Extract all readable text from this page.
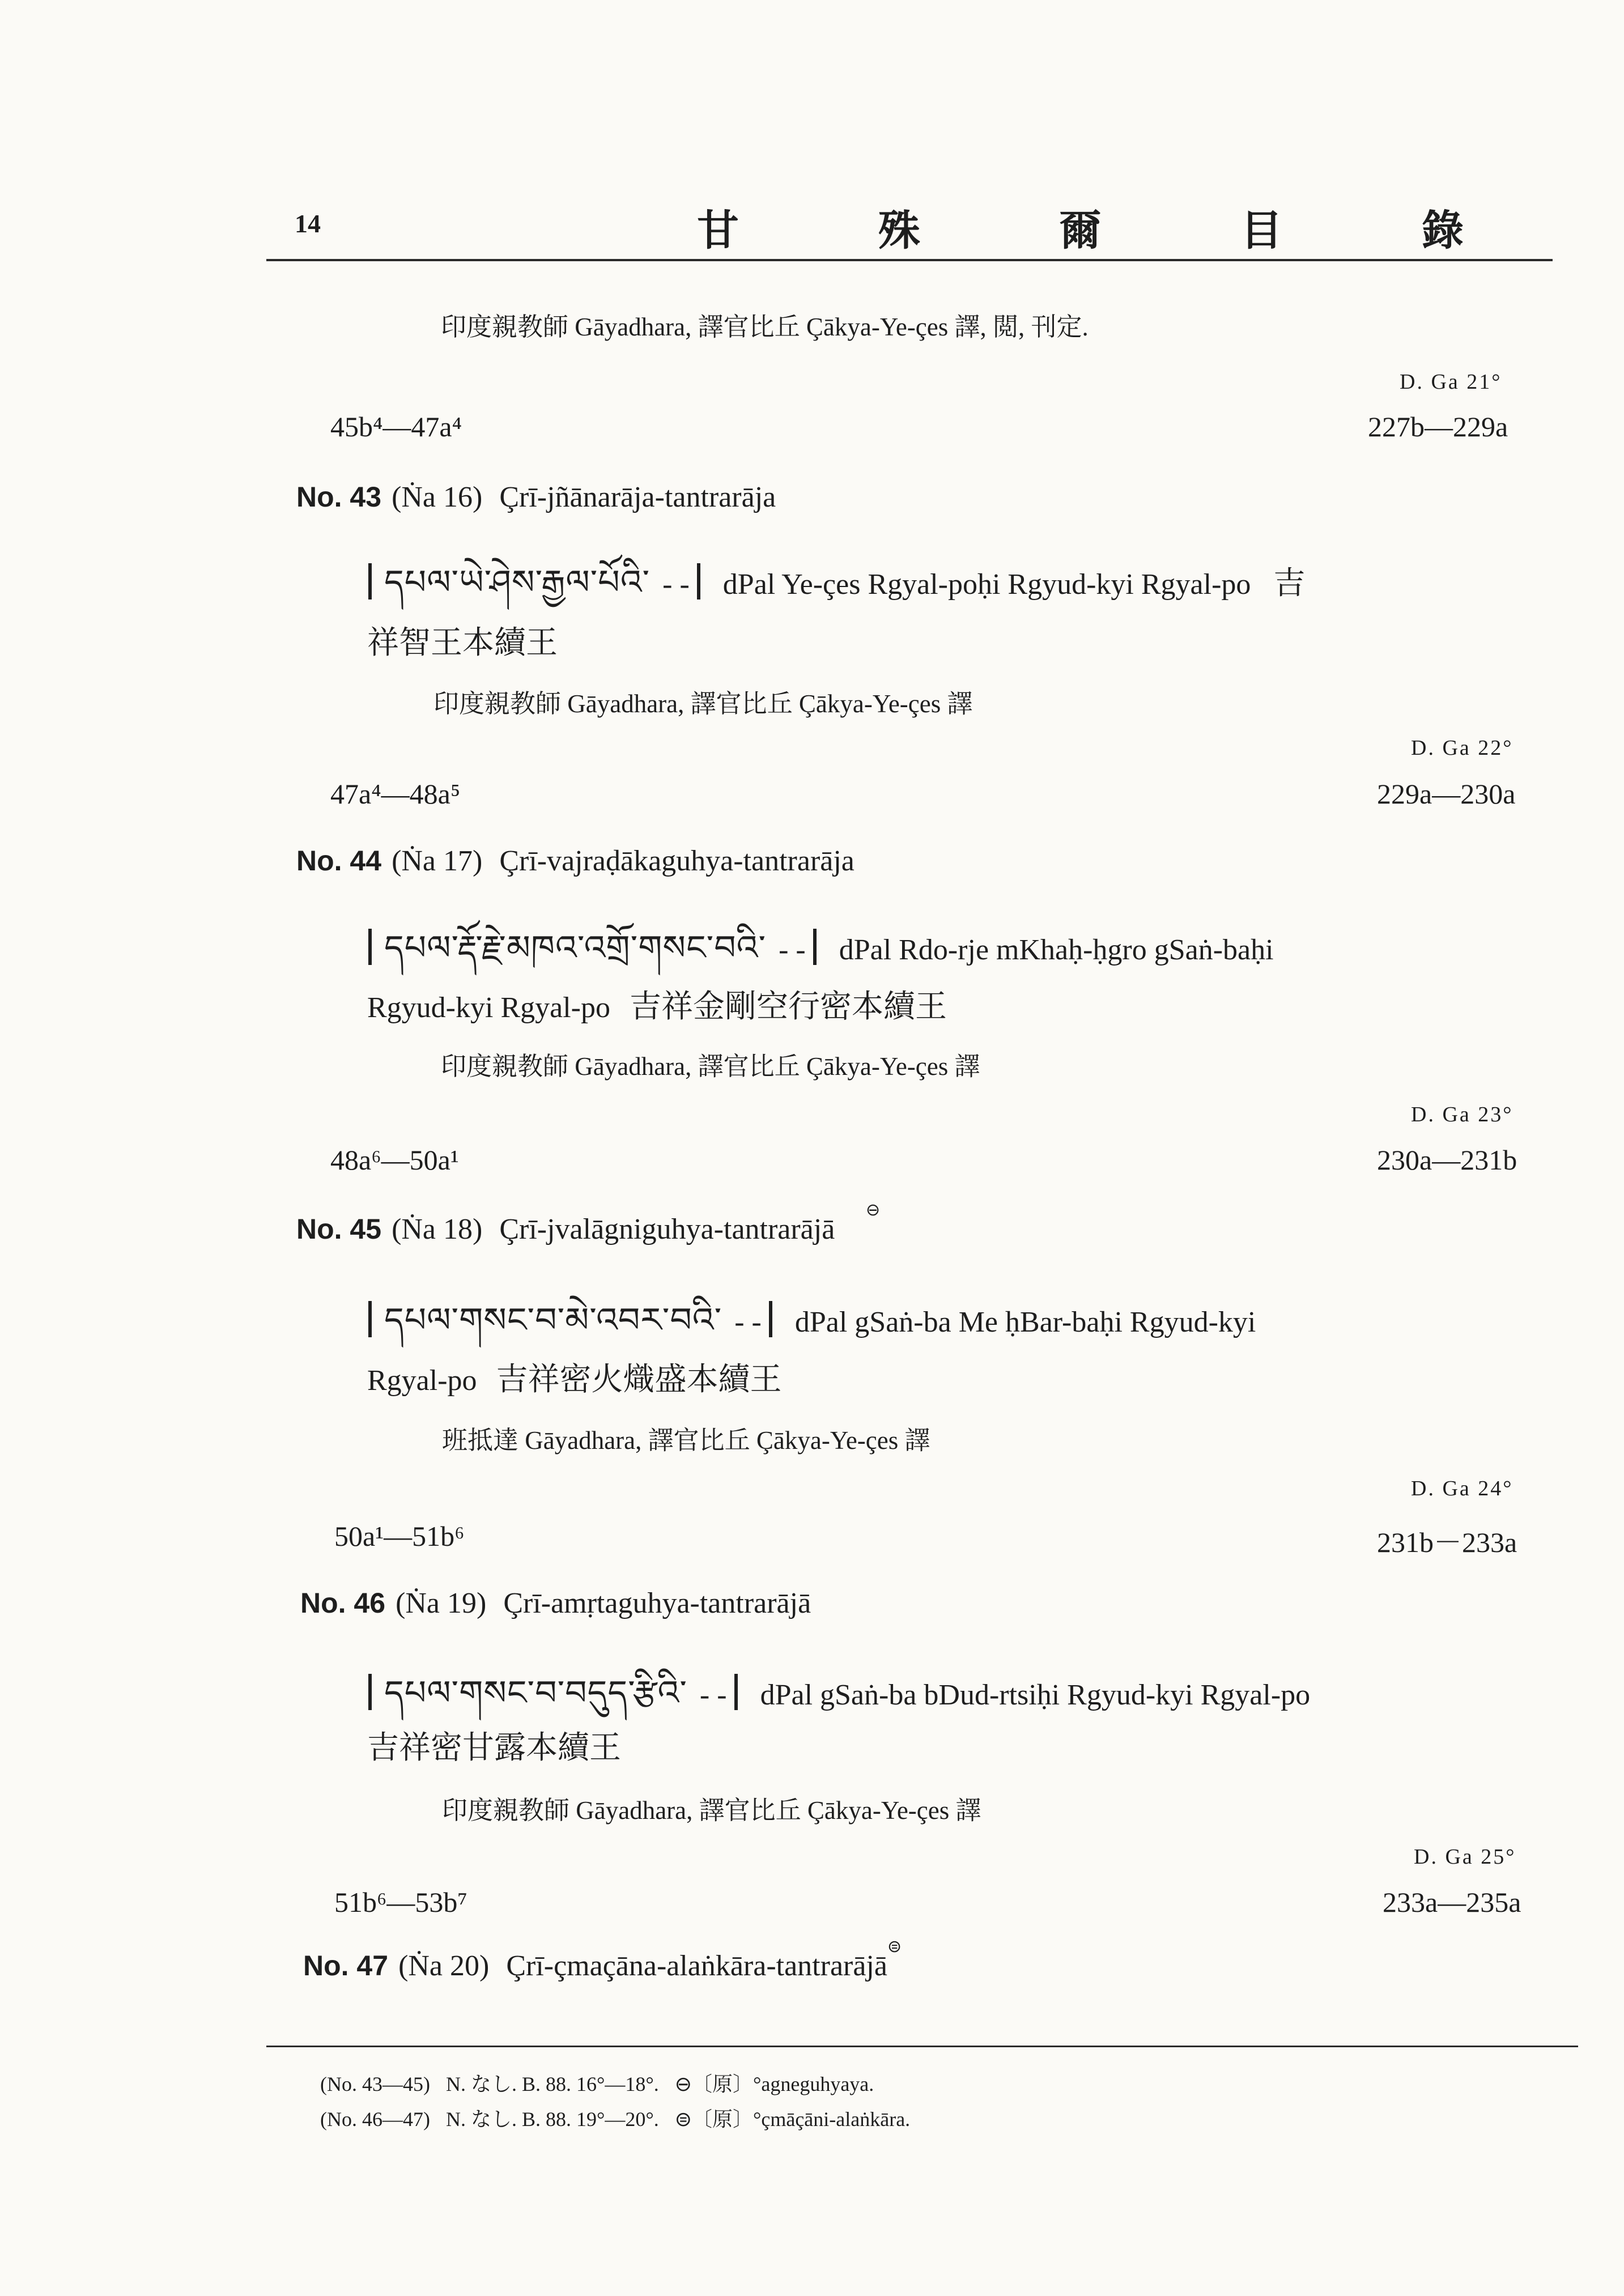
14	甘 殊 爾 目 錄
印度親教師 Gāyadhara, 譯官比丘 Çākya-Ye-çes 譯, 閲, 刊定.
D. Ga 21°
45b⁴—47a⁴	227b—229a
No. 43 (Ṅa 16) Çrī-jñānarāja-tantrarāja
དཔལ་ཡེ་ཤེས་རྒྱལ་པོའི་ - - dPal Ye-çes Rgyal-poḥi Rgyud-kyi Rgyal-po 吉
祥智王本續王
印度親教師 Gāyadhara, 譯官比丘 Çākya-Ye-çes 譯
D. Ga 22°
47a⁴—48a⁵	229a—230a
No. 44 (Ṅa 17) Çrī-vajraḍākaguhya-tantrarāja
དཔལ་རྡོ་རྗེ་མཁའ་འགྲོ་གསང་བའི་ - - dPal Rdo-rje mKhaḥ-ḥgro gSaṅ-baḥi
Rgyud-kyi Rgyal-po 吉祥金剛空行密本續王
印度親教師 Gāyadhara, 譯官比丘 Çākya-Ye-çes 譯
D. Ga 23°
48a⁶—50a¹	230a—231b
⊖
No. 45 (Ṅa 18) Çrī-jvalāgniguhya-tantrarājā
དཔལ་གསང་བ་མེ་འབར་བའི་ - - dPal gSaṅ-ba Me ḥBar-baḥi Rgyud-kyi
Rgyal-po 吉祥密火熾盛本續王
班抵達 Gāyadhara, 譯官比丘 Çākya-Ye-çes 譯
D. Ga 24°
50a¹—51b⁶	231b－233a
No. 46 (Ṅa 19) Çrī-amṛtaguhya-tantrarājā
དཔལ་གསང་བ་བདུད་རྩིའི་ - - dPal gSaṅ-ba bDud-rtsiḥi Rgyud-kyi Rgyal-po
吉祥密甘露本續王
印度親教師 Gāyadhara, 譯官比丘 Çākya-Ye-çes 譯
D. Ga 25°
51b⁶—53b⁷	233a—235a
⊜
No. 47 (Ṅa 20) Çrī-çmaçāna-alaṅkāra-tantrarājā
(No. 43—45) N. なし. B. 88. 16°—18°. ⊖〔原〕°agneguhyaya.
(No. 46—47) N. なし. B. 88. 19°—20°. ⊜〔原〕°çmāçāni-alaṅkāra.
